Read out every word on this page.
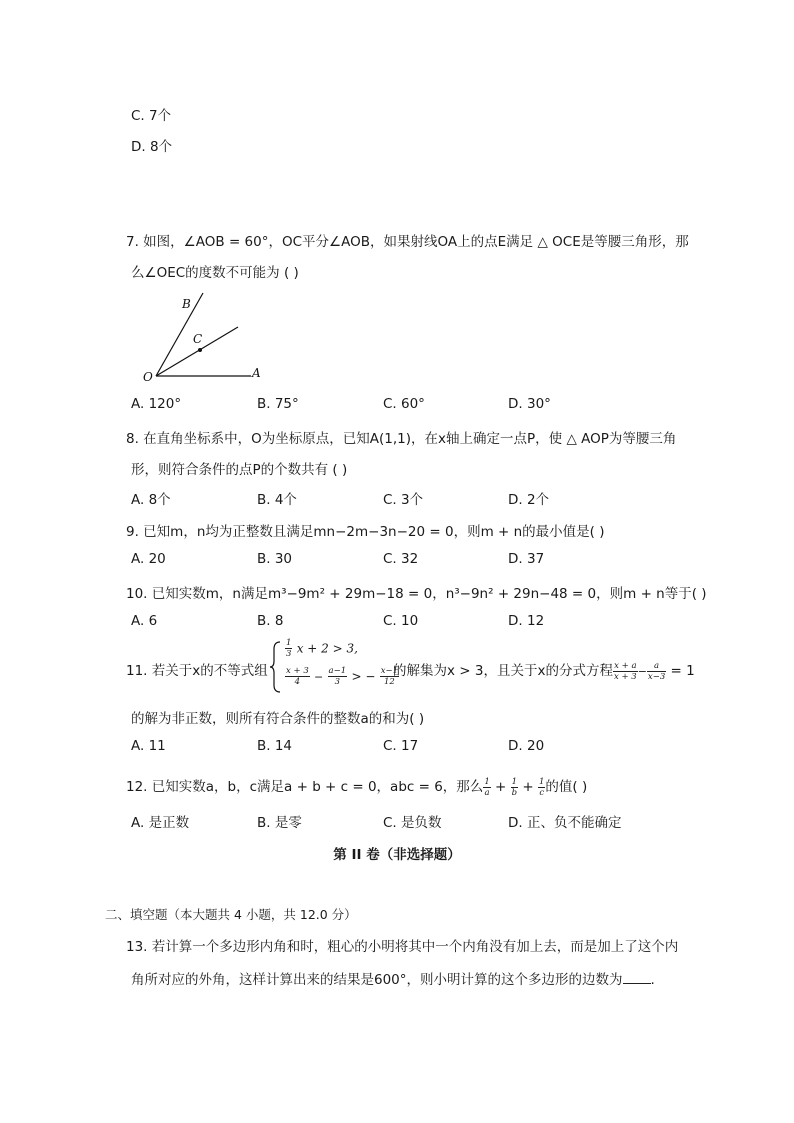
C. 7个
D. 8个
7. 如图，∠AOB = 60°，OC平分∠AOB，如果射线OA上的点E满足 △ OCE是等腰三角形，那
么∠OEC的度数不可能为 ( )
B
C
O	A
A. 120°	B. 75°	C. 60°	D. 30°
8. 在直角坐标系中，O为坐标原点，已知A(1,1)，在x轴上确定一点P，使 △ AOP为等腰三角
形，则符合条件的点P的个数共有 ( )
A. 8个	B. 4个	C. 3个	D. 2个
9. 已知m，n均为正整数且满足mn−2m−3n−20 = 0，则m + n的最小值是( )
A. 20	B. 30	C. 32	D. 37
10. 已知实数m，n满足m³−9m² + 29m−18 = 0，n³−9n² + 29n−48 = 0，则m + n等于( )
A. 6	B. 8	C. 10	D. 12
11. 若关于x的不等式组
$\frac{1}{3}$ x + 2 > 3,
$\frac{x + 3}{4} - \frac{a-1}{3}$ > − $\frac{x-1}{12}$
的解集为x > 3，且关于x的分式方程 $\frac{x + a}{x + 3} - \frac{a}{x-3} = 1$
的解为非正数，则所有符合条件的整数a的和为( )
A. 11	B. 14	C. 17	D. 20
12. 已知实数a，b，c满足a + b + c = 0，abc = 6，那么 $\frac{1}{a} + \frac{1}{b} + \frac{1}{c}$ 的值( )
A. 是正数	B. 是零	C. 是负数	D. 正、负不能确定
第 II 卷（非选择题）
二、填空题（本大题共 4 小题，共 12.0 分）
13. 若计算一个多边形内角和时，粗心的小明将其中一个内角没有加上去，而是加上了这个内
角所对应的外角，这样计算出来的结果是600°，则小明计算的这个多边形的边数为 .
